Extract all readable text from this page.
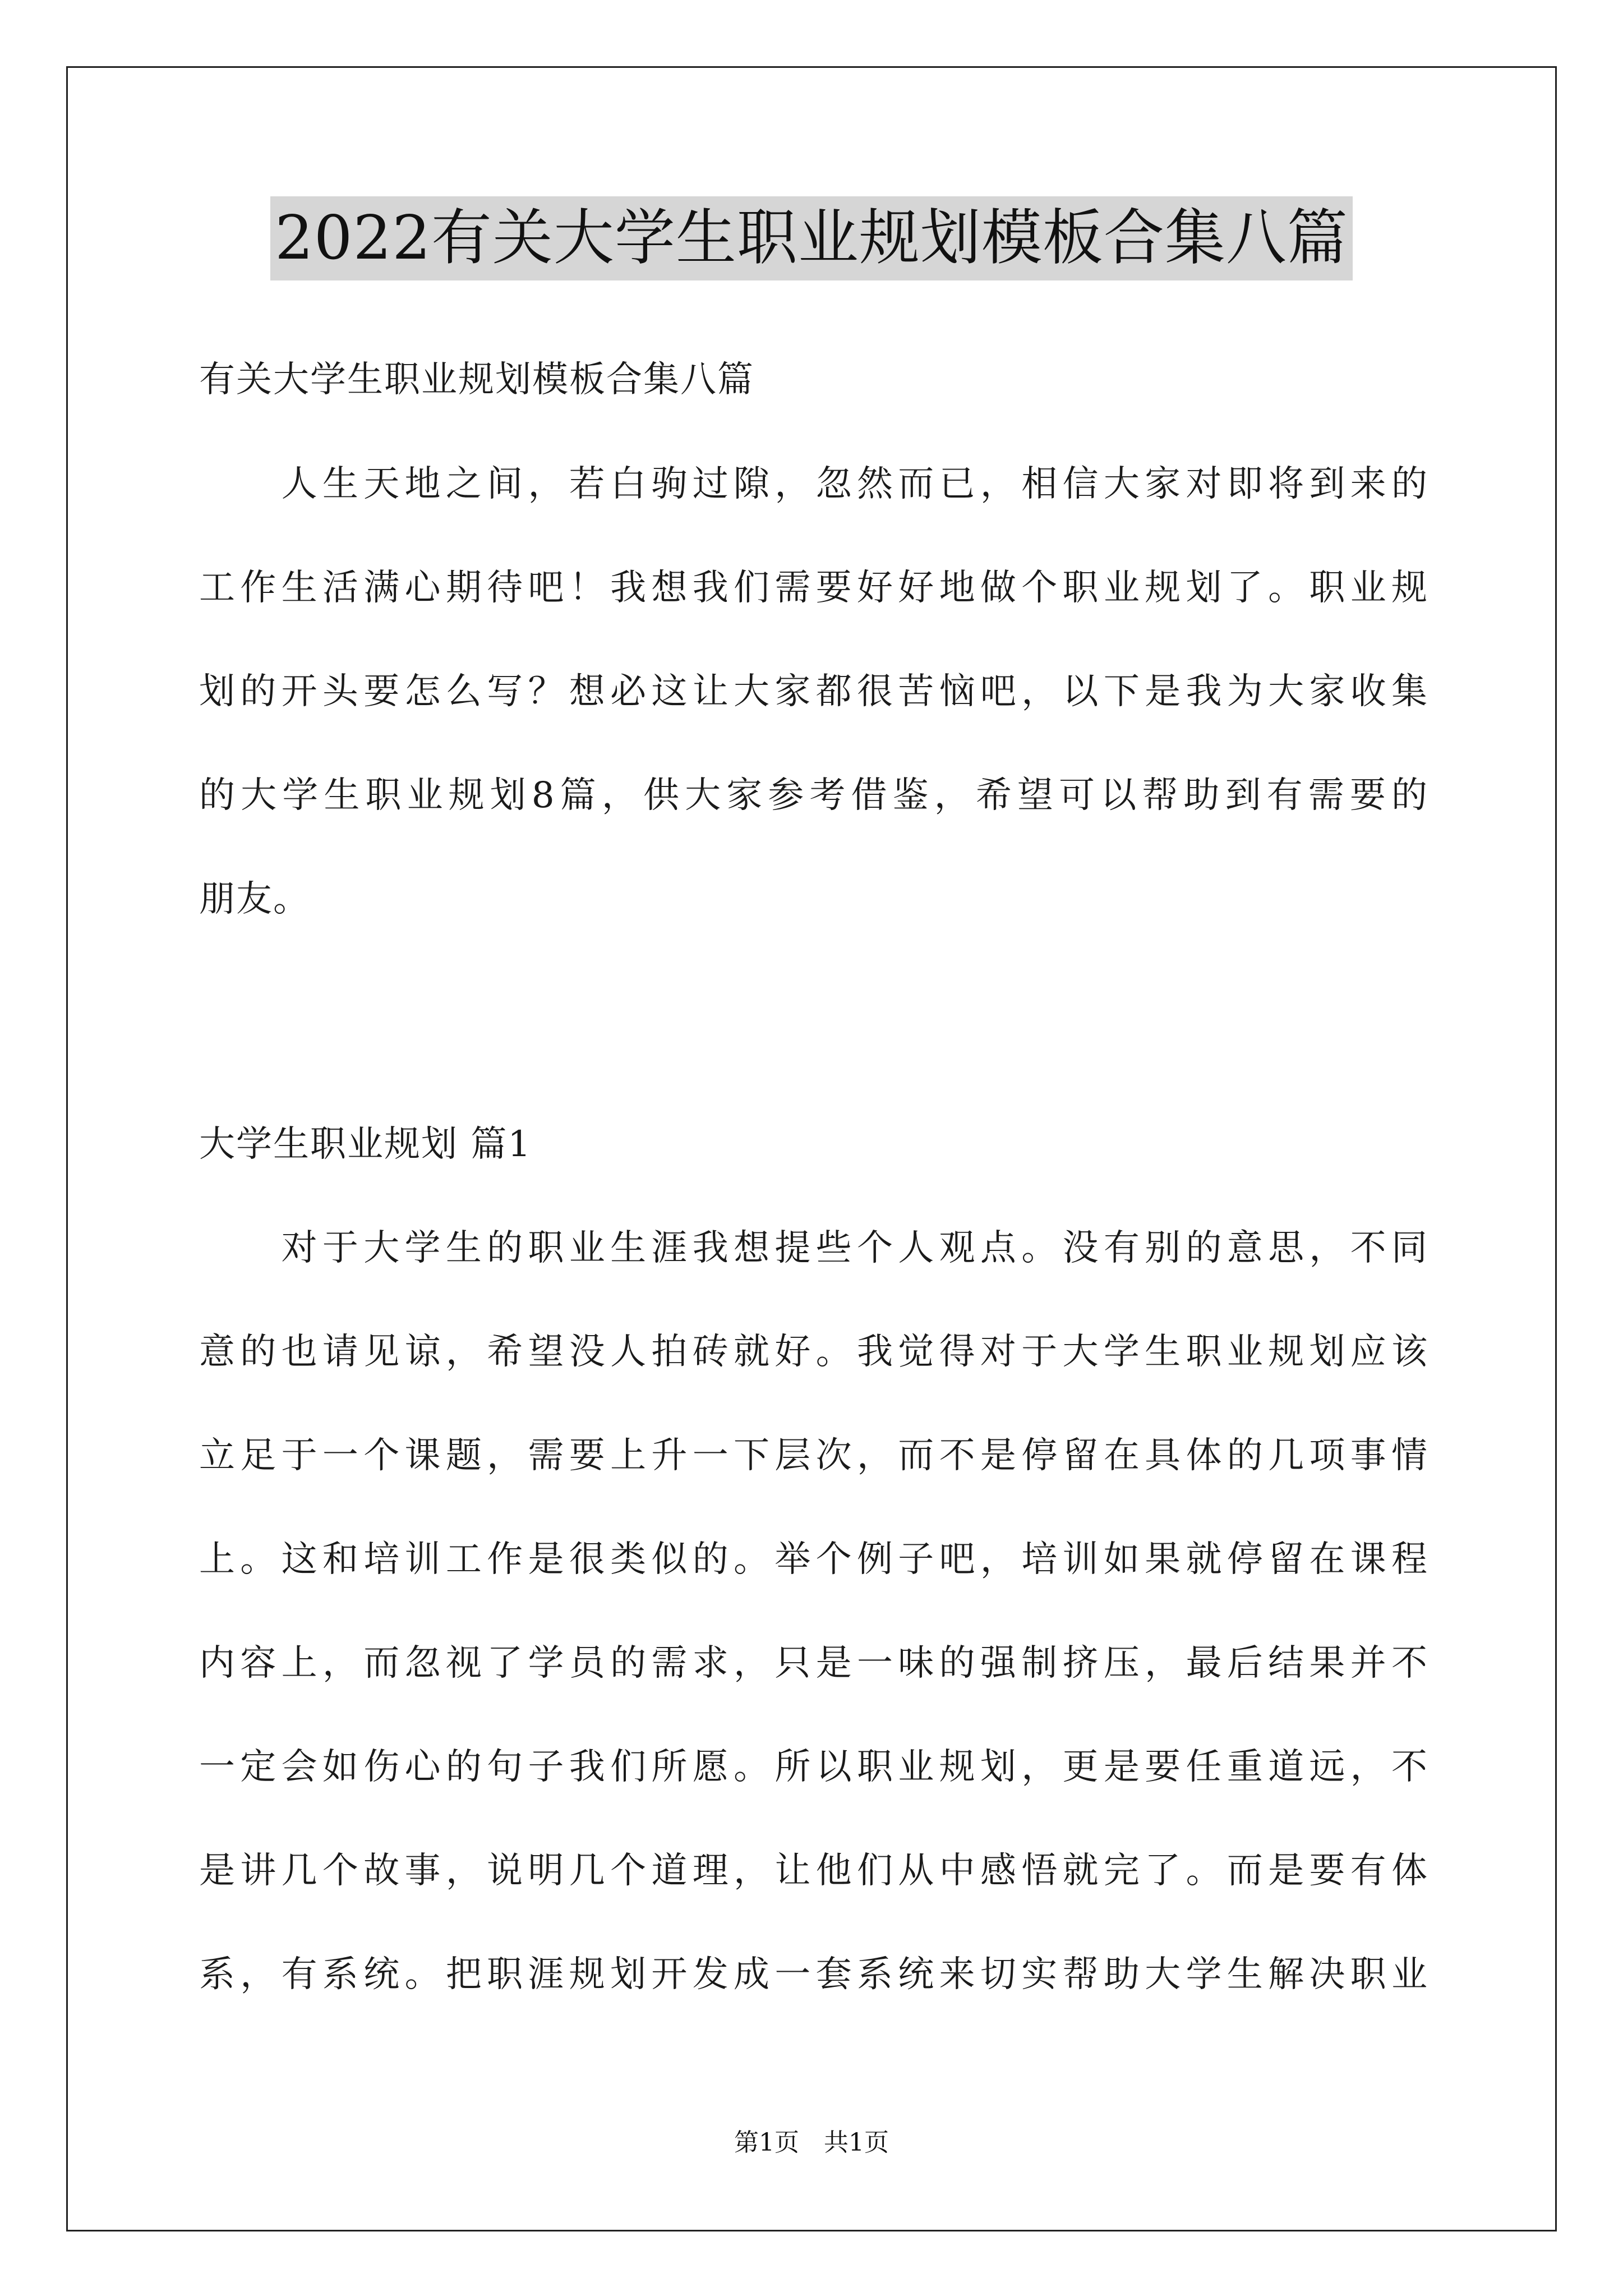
2022有关大学生职业规划模板合集八篇
有关大学生职业规划模板合集八篇
　　人生天地之间，若白驹过隙，忽然而已，相信大家对即将到来的
工作生活满心期待吧！我想我们需要好好地做个职业规划了。职业规
划的开头要怎么写？想必这让大家都很苦恼吧，以下是我为大家收集
的大学生职业规划8篇，供大家参考借鉴，希望可以帮助到有需要的
朋友。
大学生职业规划 篇1
　　对于大学生的职业生涯我想提些个人观点。没有别的意思，不同
意的也请见谅，希望没人拍砖就好。我觉得对于大学生职业规划应该
立足于一个课题，需要上升一下层次，而不是停留在具体的几项事情
上。这和培训工作是很类似的。举个例子吧，培训如果就停留在课程
内容上，而忽视了学员的需求，只是一味的强制挤压，最后结果并不
一定会如伤心的句子我们所愿。所以职业规划，更是要任重道远，不
是讲几个故事，说明几个道理，让他们从中感悟就完了。而是要有体
系，有系统。把职涯规划开发成一套系统来切实帮助大学生解决职业
第1页　共1页
